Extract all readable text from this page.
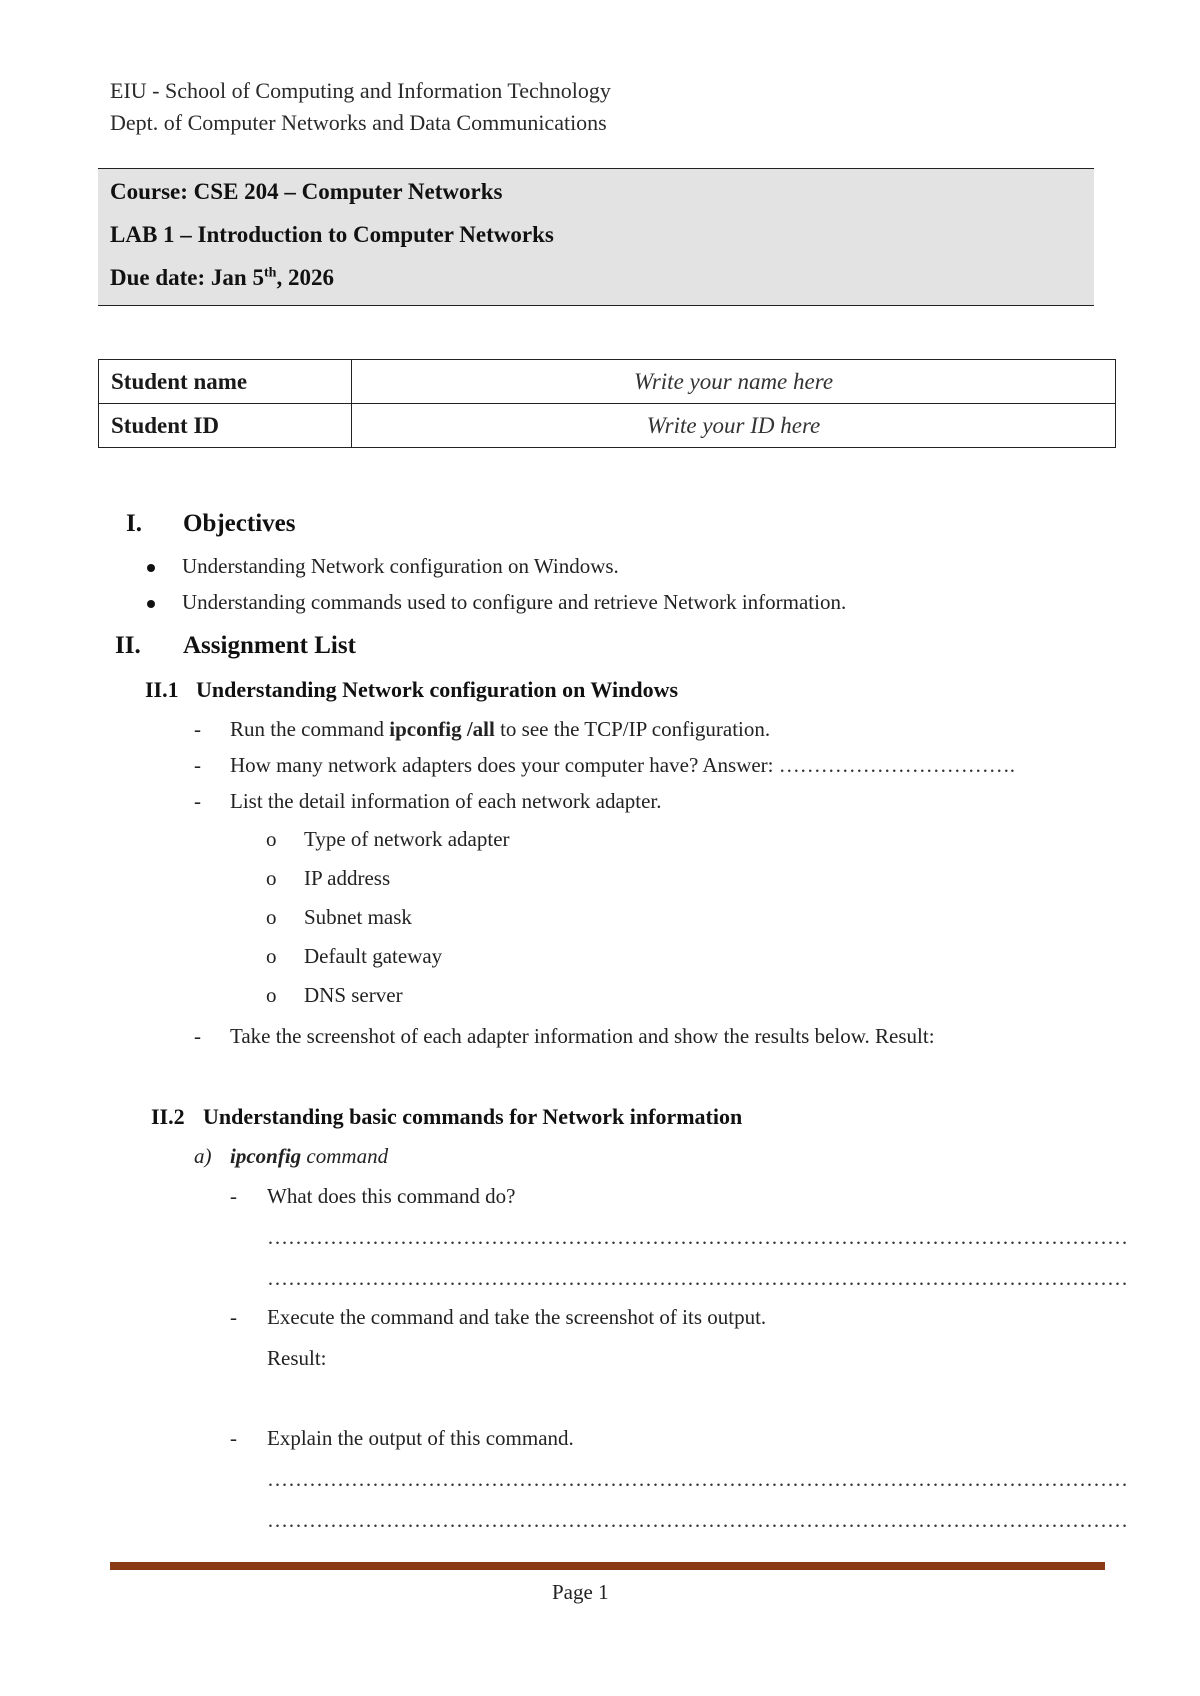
EIU - School of Computing and Information Technology
Dept. of Computer Networks and Data Communications
Course: CSE 204 – Computer Networks
LAB 1 – Introduction to Computer Networks
Due date: Jan 5th, 2026
Student name	Write your name here
Student ID	Write your ID here
I. Objectives
Understanding Network configuration on Windows.
Understanding commands used to configure and retrieve Network information.
II. Assignment List
II.1 Understanding Network configuration on Windows
- Run the command ipconfig /all to see the TCP/IP configuration.
- How many network adapters does your computer have? Answer: …………………………….
- List the detail information of each network adapter.
o Type of network adapter
o IP address
o Subnet mask
o Default gateway
o DNS server
- Take the screenshot of each adapter information and show the results below. Result:
II.2 Understanding basic commands for Network information
a) ipconfig command
- What does this command do?
……………………………………………………………………………………………………………
……………………………………………………………………………………………………………
- Execute the command and take the screenshot of its output.
Result:
- Explain the output of this command.
……………………………………………………………………………………………………………
……………………………………………………………………………………………………………
Page 1
